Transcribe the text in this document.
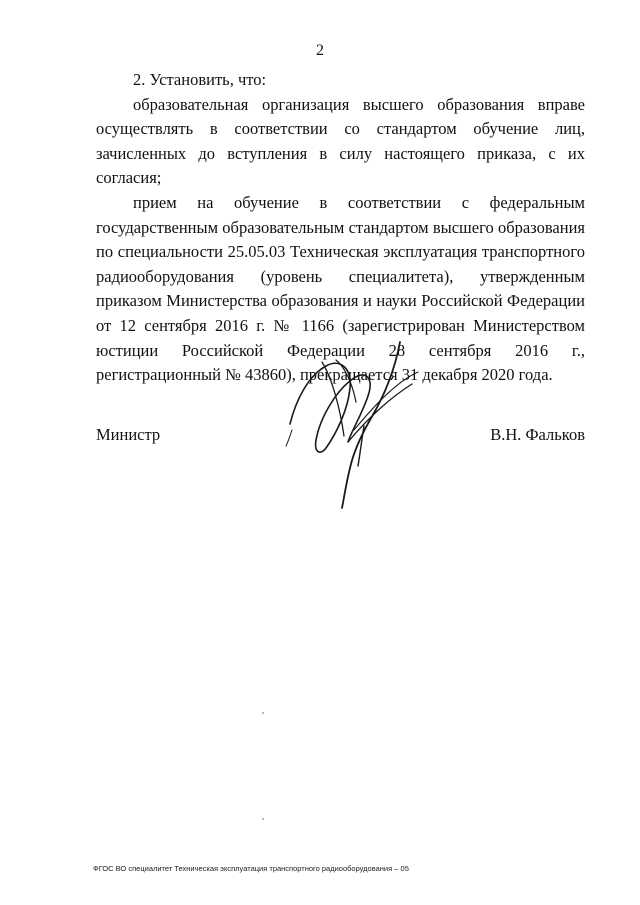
2

2. Установить, что:

образовательная организация высшего образования вправе осуществлять в соответствии со стандартом обучение лиц, зачисленных до вступления в силу настоящего приказа, с их согласия;

прием на обучение в соответствии с федеральным государственным образовательным стандартом высшего образования по специальности 25.05.03 Техническая эксплуатация транспортного радиооборудования (уровень специалитета), утвержденным приказом Министерства образования и науки Российской Федерации от 12 сентября 2016 г. № 1166 (зарегистрирован Министерством юстиции Российской Федерации 28 сентября 2016 г., регистрационный № 43860), прекращается 31 декабря 2020 года.

Министр	В.Н. Фальков
ФГОС ВО специалитет Техническая эксплуатация транспортного радиооборудования – 05
